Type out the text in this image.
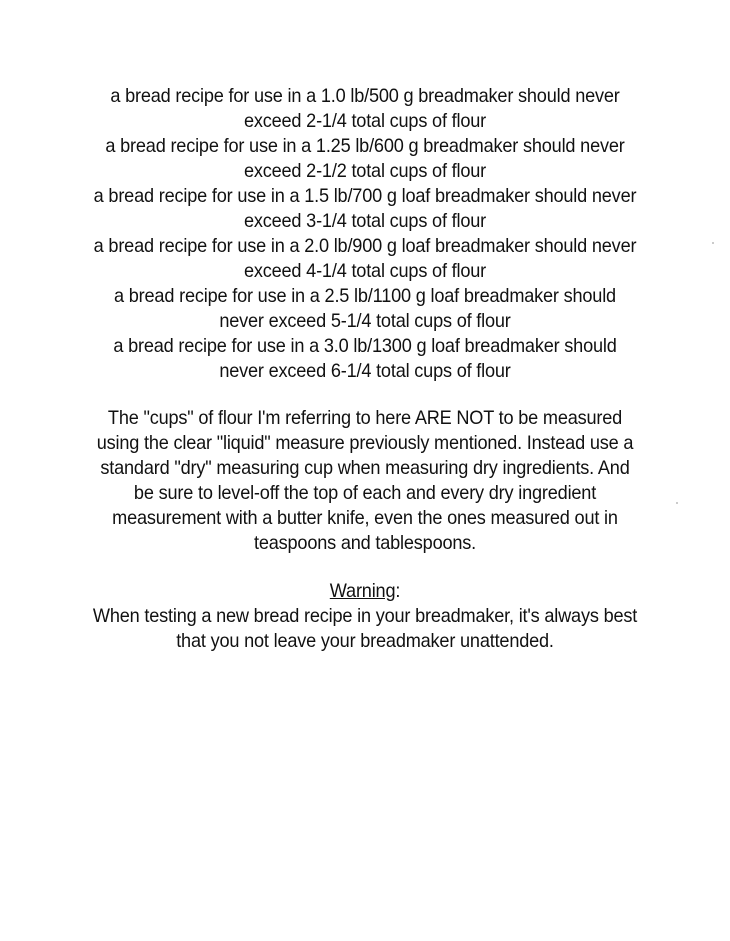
a bread recipe for use in a 1.0 lb/500 g breadmaker should never
exceed 2-1/4 total cups of flour
a bread recipe for use in a 1.25 lb/600 g breadmaker should never
exceed 2-1/2 total cups of flour
a bread recipe for use in a 1.5 lb/700 g loaf breadmaker should never
exceed 3-1/4 total cups of flour
a bread recipe for use in a 2.0 lb/900 g loaf breadmaker should never
exceed 4-1/4 total cups of flour
a bread recipe for use in a 2.5 lb/1100 g loaf breadmaker should
never exceed 5-1/4 total cups of flour
a bread recipe for use in a 3.0 lb/1300 g loaf breadmaker should
never exceed 6-1/4 total cups of flour
The "cups" of flour I'm referring to here ARE NOT to be measured
using the clear "liquid" measure previously mentioned. Instead use a
standard "dry" measuring cup when measuring dry ingredients. And
be sure to level-off the top of each and every dry ingredient
measurement with a butter knife, even the ones measured out in
teaspoons and tablespoons.
Warning:
When testing a new bread recipe in your breadmaker, it's always best
that you not leave your breadmaker unattended.
